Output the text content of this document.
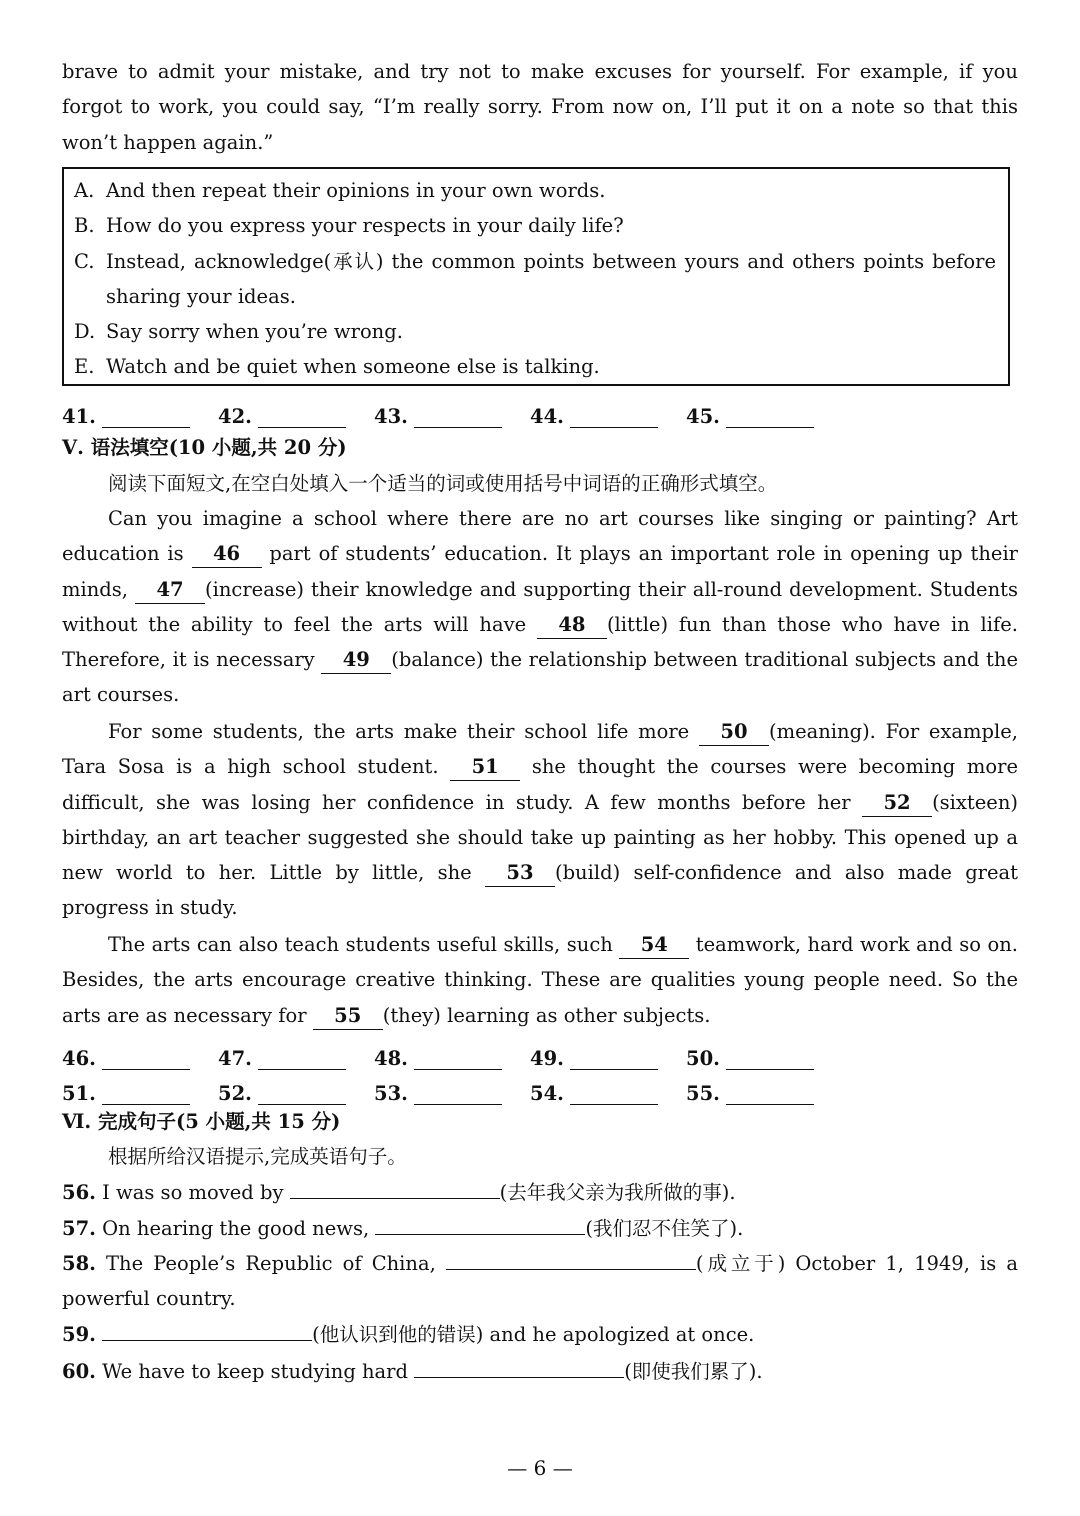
brave to admit your mistake, and try not to make excuses for yourself. For example, if you forgot to work, you could say, “I’m really sorry. From now on, I’ll put it on a note so that this won’t happen again.”

A. And then repeat their opinions in your own words.
B. How do you express your respects in your daily life?
C. Instead, acknowledge(承认) the common points between yours and others points before sharing your ideas.
D. Say sorry when you’re wrong.
E. Watch and be quiet when someone else is talking.
41.	42.	43.	44.	45.
Ⅴ. 语法填空(10 小题,共 20 分)
阅读下面短文,在空白处填入一个适当的词或使用括号中词语的正确形式填空。

Can you imagine a school where there are no art courses like singing or painting? Art education is 46 part of students’ education. It plays an important role in opening up their minds, 47 (increase) their knowledge and supporting their all-round development. Students without the ability to feel the arts will have 48 (little) fun than those who have in life. Therefore, it is necessary 49 (balance) the relationship between traditional subjects and the art courses.

For some students, the arts make their school life more 50 (meaning). For example, Tara Sosa is a high school student. 51 she thought the courses were becoming more difficult, she was losing her confidence in study. A few months before her 52 (sixteen) birthday, an art teacher suggested she should take up painting as her hobby. This opened up a new world to her. Little by little, she 53 (build) self-confidence and also made great progress in study.

The arts can also teach students useful skills, such 54 teamwork, hard work and so on. Besides, the arts encourage creative thinking. These are qualities young people need. So the arts are as necessary for 55 (they) learning as other subjects.

46.	47.	48.	49.	50.
51.	52.	53.	54.	55.
Ⅵ. 完成句子(5 小题,共 15 分)
根据所给汉语提示,完成英语句子。
56. I was so moved by	(去年我父亲为我所做的事).
57. On hearing the good news,	(我们忍不住笑了).
58. The People’s Republic of China,	(成立于) October 1, 1949, is a powerful country.
59.	(他认识到他的错误) and he apologized at once.
60. We have to keep studying hard	(即使我们累了).
— 6 —
